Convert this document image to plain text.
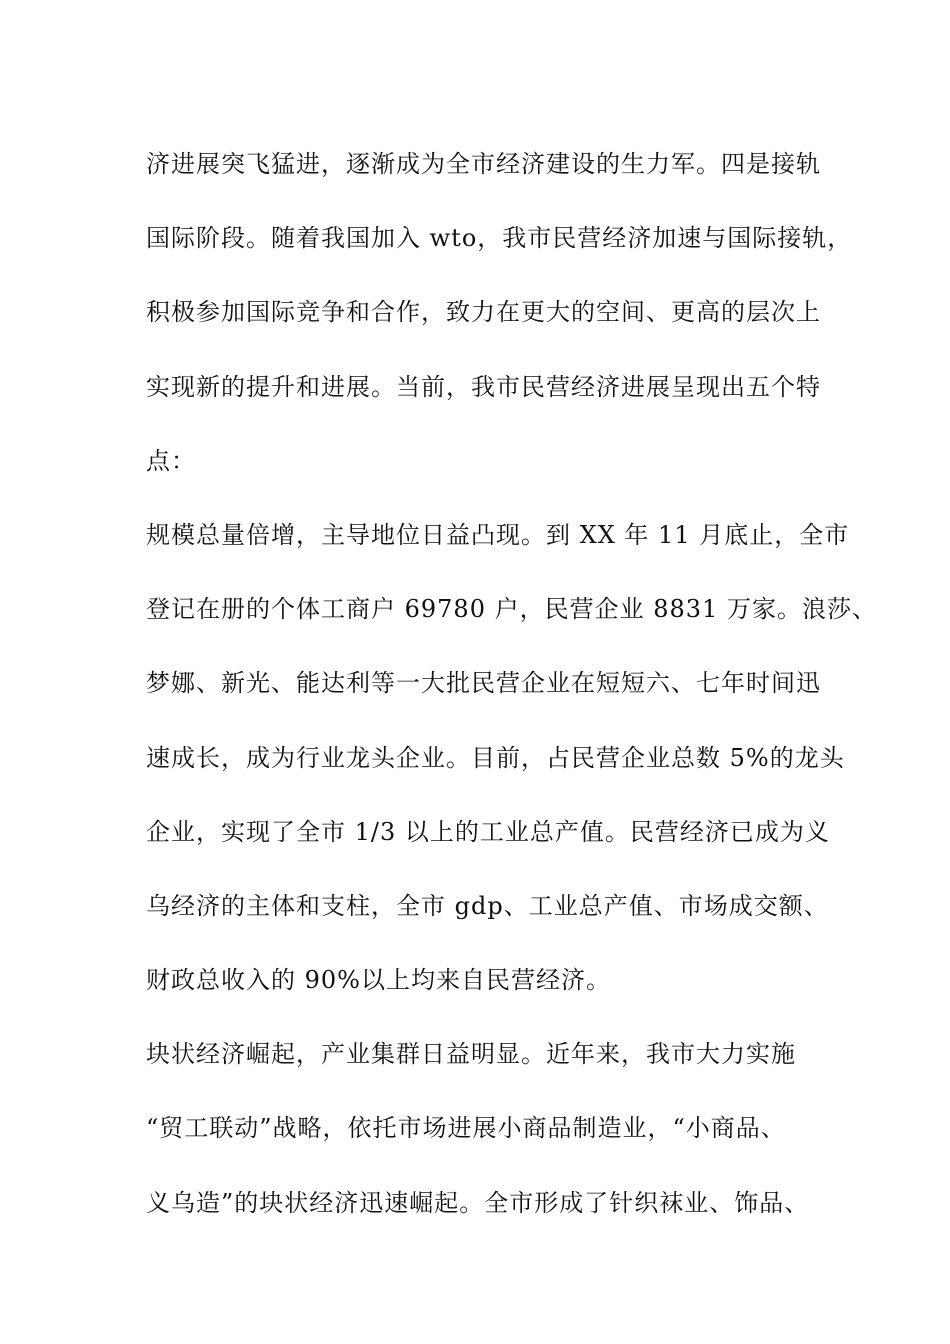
济进展突飞猛进，逐渐成为全市经济建设的生力军。四是接轨
国际阶段。随着我国加入 wto，我市民营经济加速与国际接轨，
积极参加国际竞争和合作，致力在更大的空间、更高的层次上
实现新的提升和进展。当前，我市民营经济进展呈现出五个特
点：

规模总量倍增，主导地位日益凸现。到 XX 年 11 月底止，全市
登记在册的个体工商户 69780 户，民营企业 8831 万家。浪莎、
梦娜、新光、能达利等一大批民营企业在短短六、七年时间迅
速成长，成为行业龙头企业。目前，占民营企业总数 5%的龙头
企业，实现了全市 1/3 以上的工业总产值。民营经济已成为义
乌经济的主体和支柱，全市 gdp、工业总产值、市场成交额、
财政总收入的 90%以上均来自民营经济。

块状经济崛起，产业集群日益明显。近年来，我市大力实施
“贸工联动”战略，依托市场进展小商品制造业，“小商品、
义乌造”的块状经济迅速崛起。全市形成了针织袜业、饰品、
